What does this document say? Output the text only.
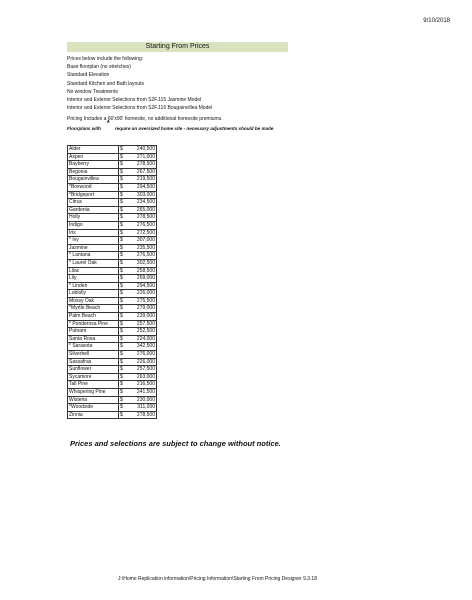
9/10/2018
Starting From Prices
Prices below include the following:
Base floorplan (no stretches)
Standard Elevation
Standard Kitchen and Bath layouts
No window Treatments
Interior and Exterior Selections from S2F.115 Jasmine Model
Interior and Exterior Selections from S2F.116 Bougainvillea Model
Pricing Includes a 60'x90' homesite, no additional homesite premiums.
*
Floorplans with	require an oversized home site - necessary adjustments should be made
Alder	$	240,500
Aspen	$	271,000
Bayberry	$	278,500
Begonia	$	267,500
Bougainvillea	$	219,500
*Boxwood	$	294,500
*Bridgeport	$	303,000
Citrus	$	234,500
Gardenia	$	265,000
Holly	$	278,500
Indigo	$	276,500
Iris	$	272,500
* Ivy	$	307,000
Jasmine	$	235,500
* Lantana	$	276,500
* Laurel Oak	$	302,500
Lilac	$	258,500
Lily	$	269,000
* Linden	$	294,500
Loblolly	$	226,000
Mossy Oak	$	275,500
*Myrtle Beach	$	279,000
Palm Beach	$	239,000
* Ponderosa Pine	$	257,500
Putnam	$	252,500
Santa Rosa	$	224,000
* Sarasota	$	342,500
Silverbell	$	276,000
Sassafras	$	226,000
Sunflower	$	257,500
Sycamore	$	263,000
Tall Pine	$	216,500
Whispering Pine	$	241,500
Wisteria	$	230,000
*Woodside	$	311,000
Zinnia	$	278,500
Prices and selections are subject to change without notice.
J:\Home Replication information\Pricing Information\Starting From Pricing Designer 9.3.18
